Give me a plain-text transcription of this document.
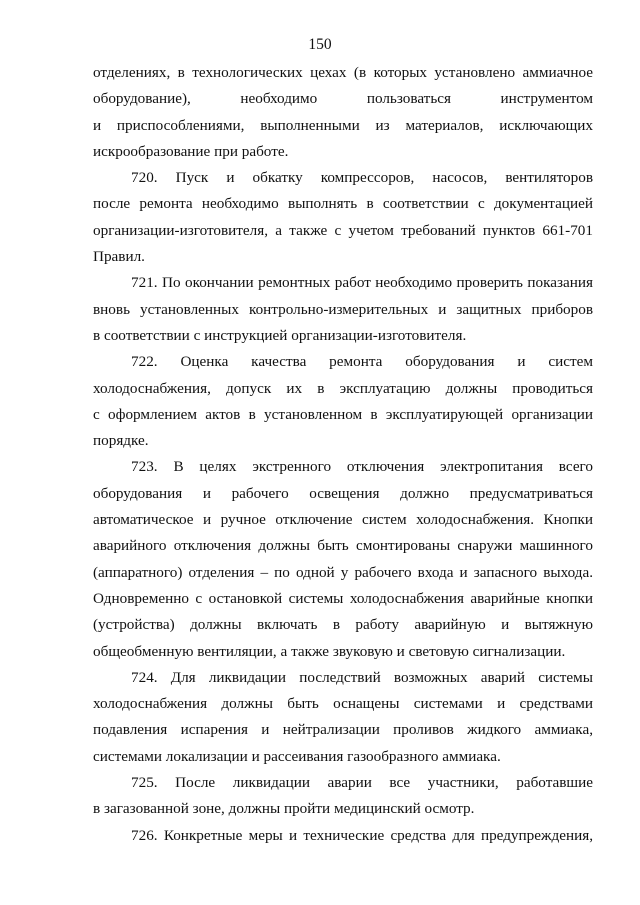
150
отделениях, в технологических цехах (в которых установлено аммиачное
оборудование), необходимо пользоваться инструментом
и приспособлениями, выполненными из материалов, исключающих
искрообразование при работе.
720. Пуск и обкатку компрессоров, насосов, вентиляторов
после ремонта необходимо выполнять в соответствии с документацией
организации-изготовителя, а также с учетом требований пунктов 661-701
Правил.
721. По окончании ремонтных работ необходимо проверить показания
вновь установленных контрольно-измерительных и защитных приборов
в соответствии с инструкцией организации-изготовителя.
722. Оценка качества ремонта оборудования и систем
холодоснабжения, допуск их в эксплуатацию должны проводиться
с оформлением актов в установленном в эксплуатирующей организации
порядке.
723. В целях экстренного отключения электропитания всего
оборудования и рабочего освещения должно предусматриваться
автоматическое и ручное отключение систем холодоснабжения. Кнопки
аварийного отключения должны быть смонтированы снаружи машинного
(аппаратного) отделения – по одной у рабочего входа и запасного выхода.
Одновременно с остановкой системы холодоснабжения аварийные кнопки
(устройства) должны включать в работу аварийную и вытяжную
общеобменную вентиляции, а также звуковую и световую сигнализации.
724. Для ликвидации последствий возможных аварий системы
холодоснабжения должны быть оснащены системами и средствами
подавления испарения и нейтрализации проливов жидкого аммиака,
системами локализации и рассеивания газообразного аммиака.
725. После ликвидации аварии все участники, работавшие
в загазованной зоне, должны пройти медицинский осмотр.
726. Конкретные меры и технические средства для предупреждения,
